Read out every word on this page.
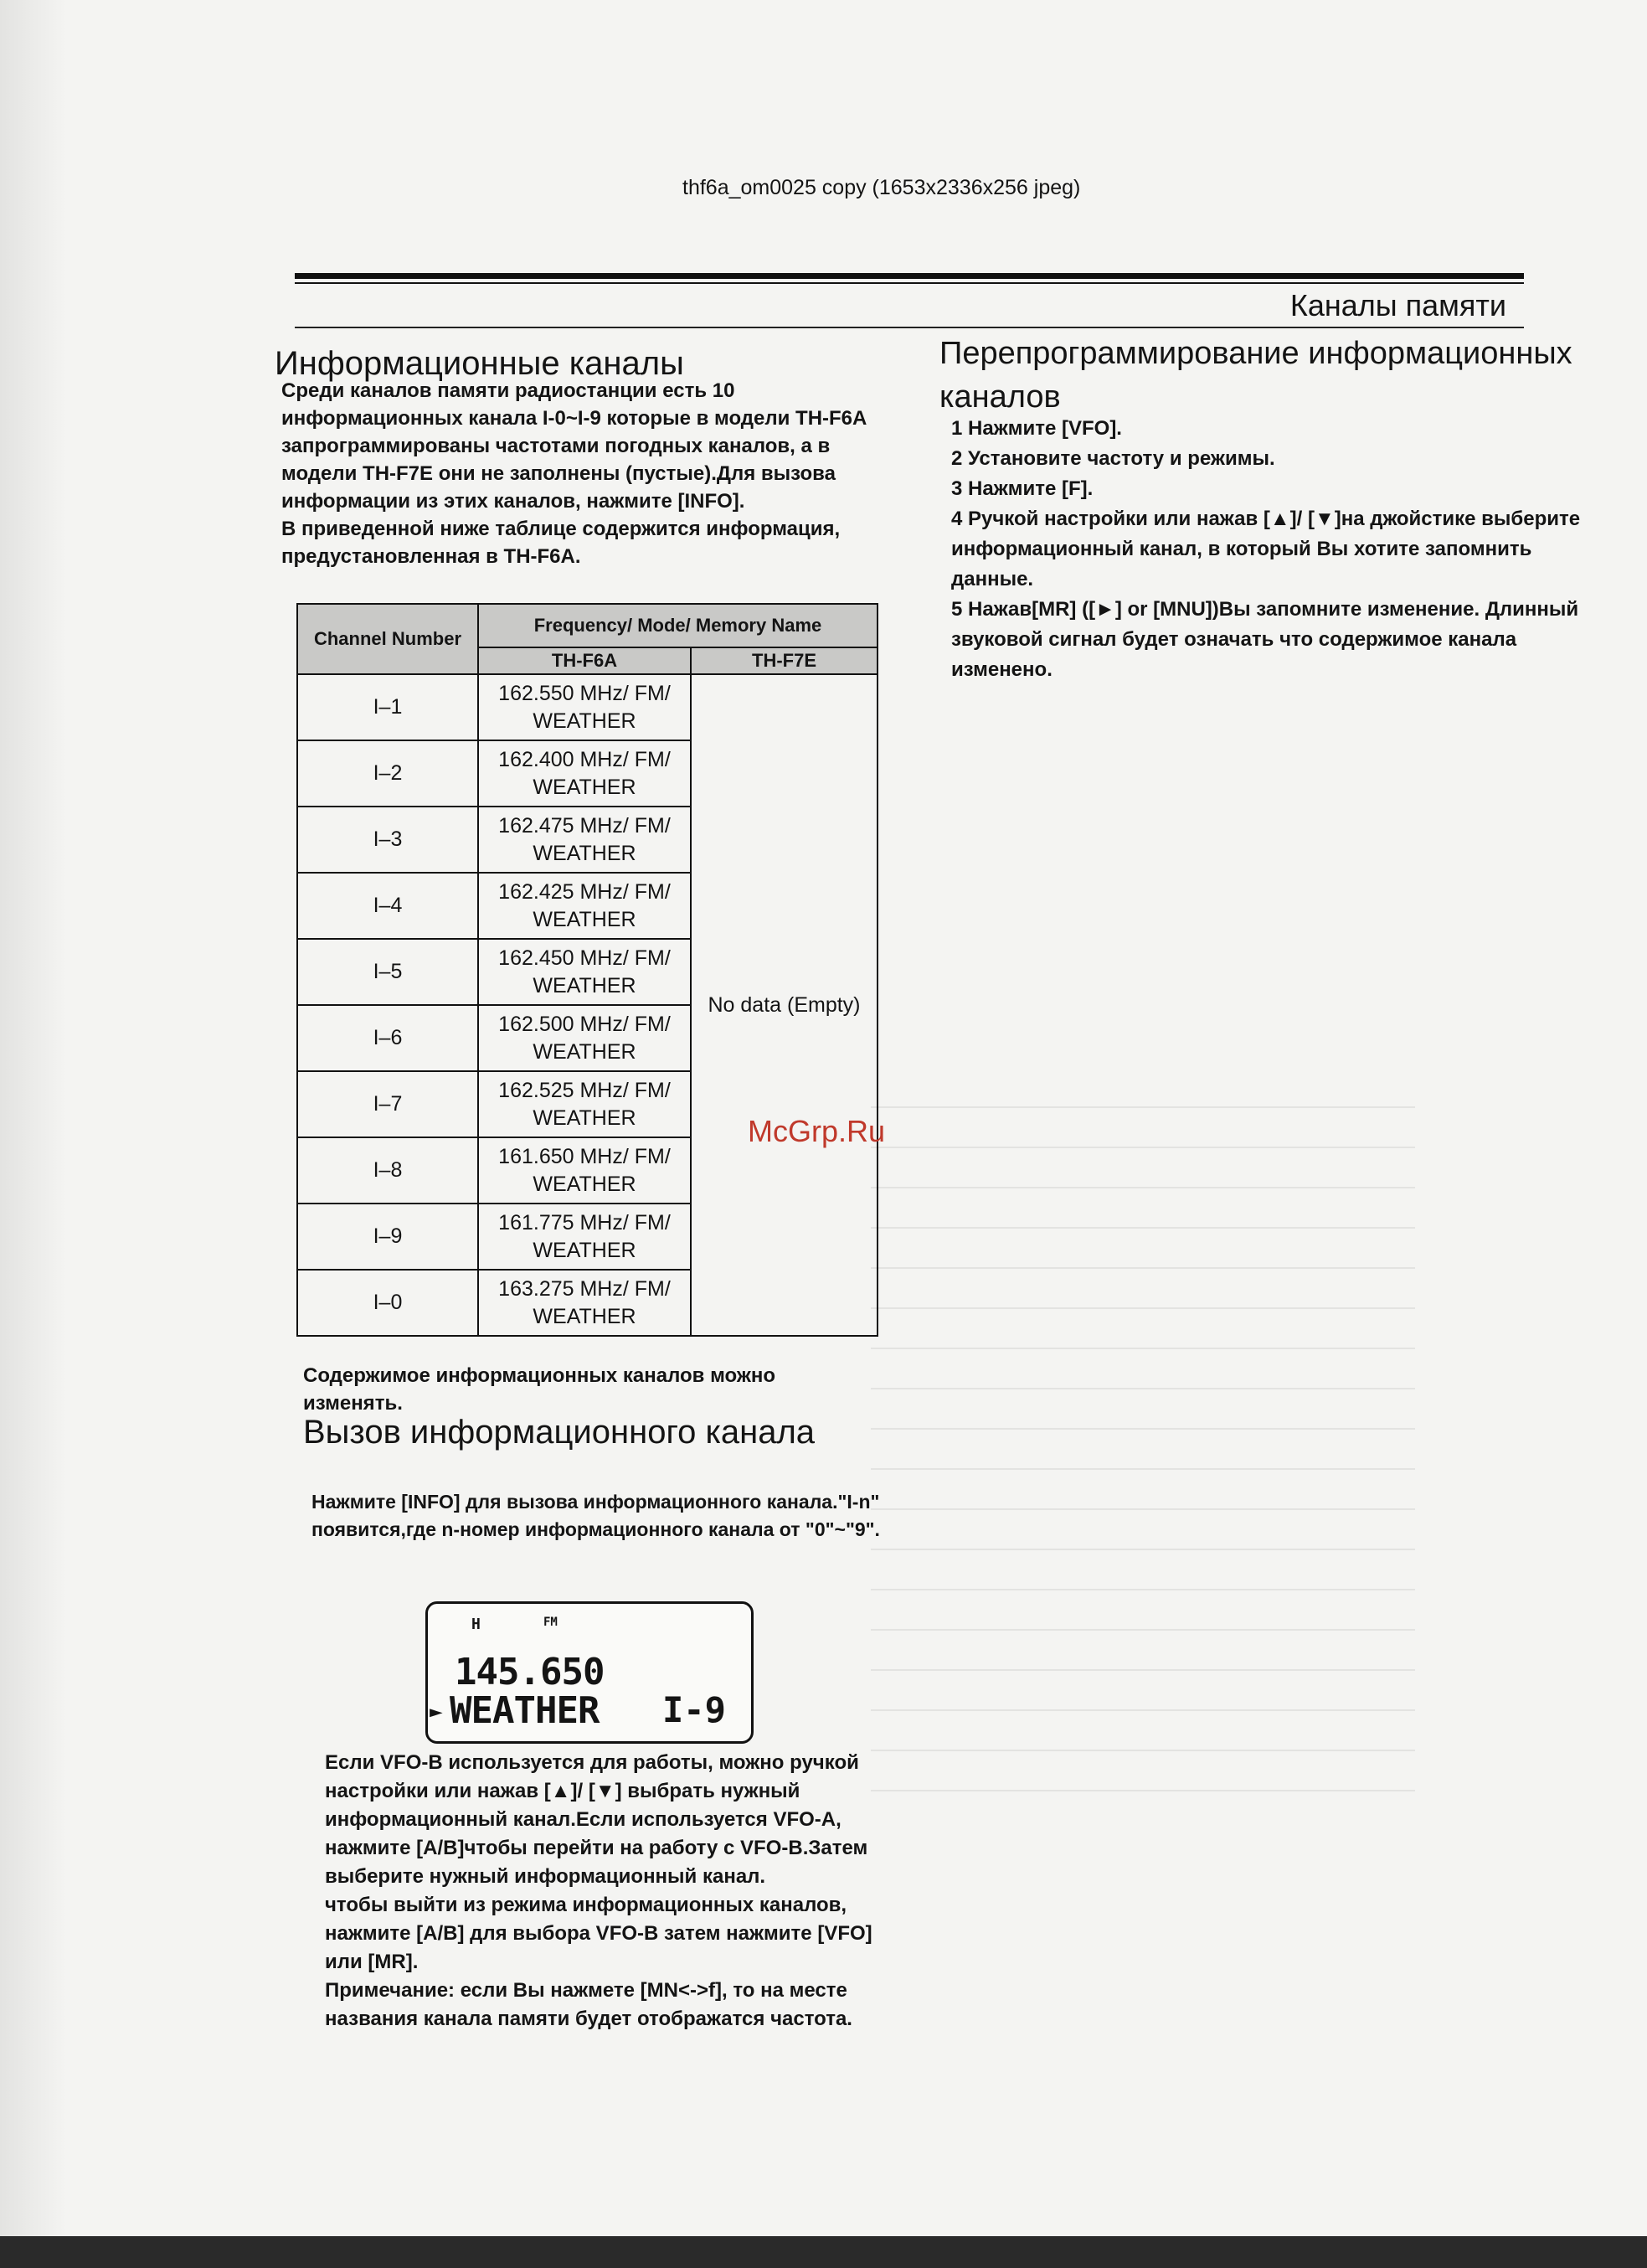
thf6a_om0025 copy (1653x2336x256 jpeg)
Каналы памяти
Информационные каналы

Среди каналов памяти радиостанции есть 10 информационных канала I-0~I-9 которые в модели TH-F6A запрограммированы частотами погодных каналов, а в модели TH-F7E они не заполнены (пустые).Для вызова информации из этих каналов, нажмите [INFO].

В приведенной ниже таблице содержится информация, предустановленная в TH-F6A.

Перепрограммирование информационных каналов
1 Нажмите [VFO].
2 Установите частоту и режимы.
3 Нажмите [F].
4 Ручкой настройки или нажав [▲]/ [▼]на джойстике выберите информационный канал, в который Вы хотите запомнить данные.
5 Нажав[MR] ([►] or [MNU])Вы запомните изменение. Длинный звуковой сигнал будет означать что содержимое канала изменено.
Channel Number	Frequency/ Mode/ Memory Name	
	TH-F6A	TH-F7E
I–1	162.550 MHz/ FM/
WEATHER	No data (Empty)
I–2	162.400 MHz/ FM/
WEATHER	
I–3	162.475 MHz/ FM/
WEATHER	
I–4	162.425 MHz/ FM/
WEATHER	
I–5	162.450 MHz/ FM/
WEATHER	
I–6	162.500 MHz/ FM/
WEATHER	
I–7	162.525 MHz/ FM/
WEATHER	
I–8	161.650 MHz/ FM/
WEATHER	
I–9	161.775 MHz/ FM/
WEATHER	
I–0	163.275 MHz/ FM/
WEATHER	
Содержимое информационных каналов можно изменять.
Вызов информационного канала
Нажмите [INFO] для вызова информационного канала."I-n" появится,где n-номер информационного канала от "0"~"9".
H	FM
145.650
► WEATHER I-9
Если VFO-B используется для работы, можно ручкой настройки или нажав [▲]/ [▼] выбрать нужный информационный канал.Если используется VFO-A, нажмите [A/B]чтобы перейти на работу с VFO-B.Затем выберите нужный информационный канал.
чтобы выйти из режима информационных каналов, нажмите [A/B] для выбора VFO-B затем нажмите [VFO] или [MR].
Примечание: если Вы нажмете [MN<->f], то на месте названия канала памяти будет отображатся частота.
McGrp.Ru
